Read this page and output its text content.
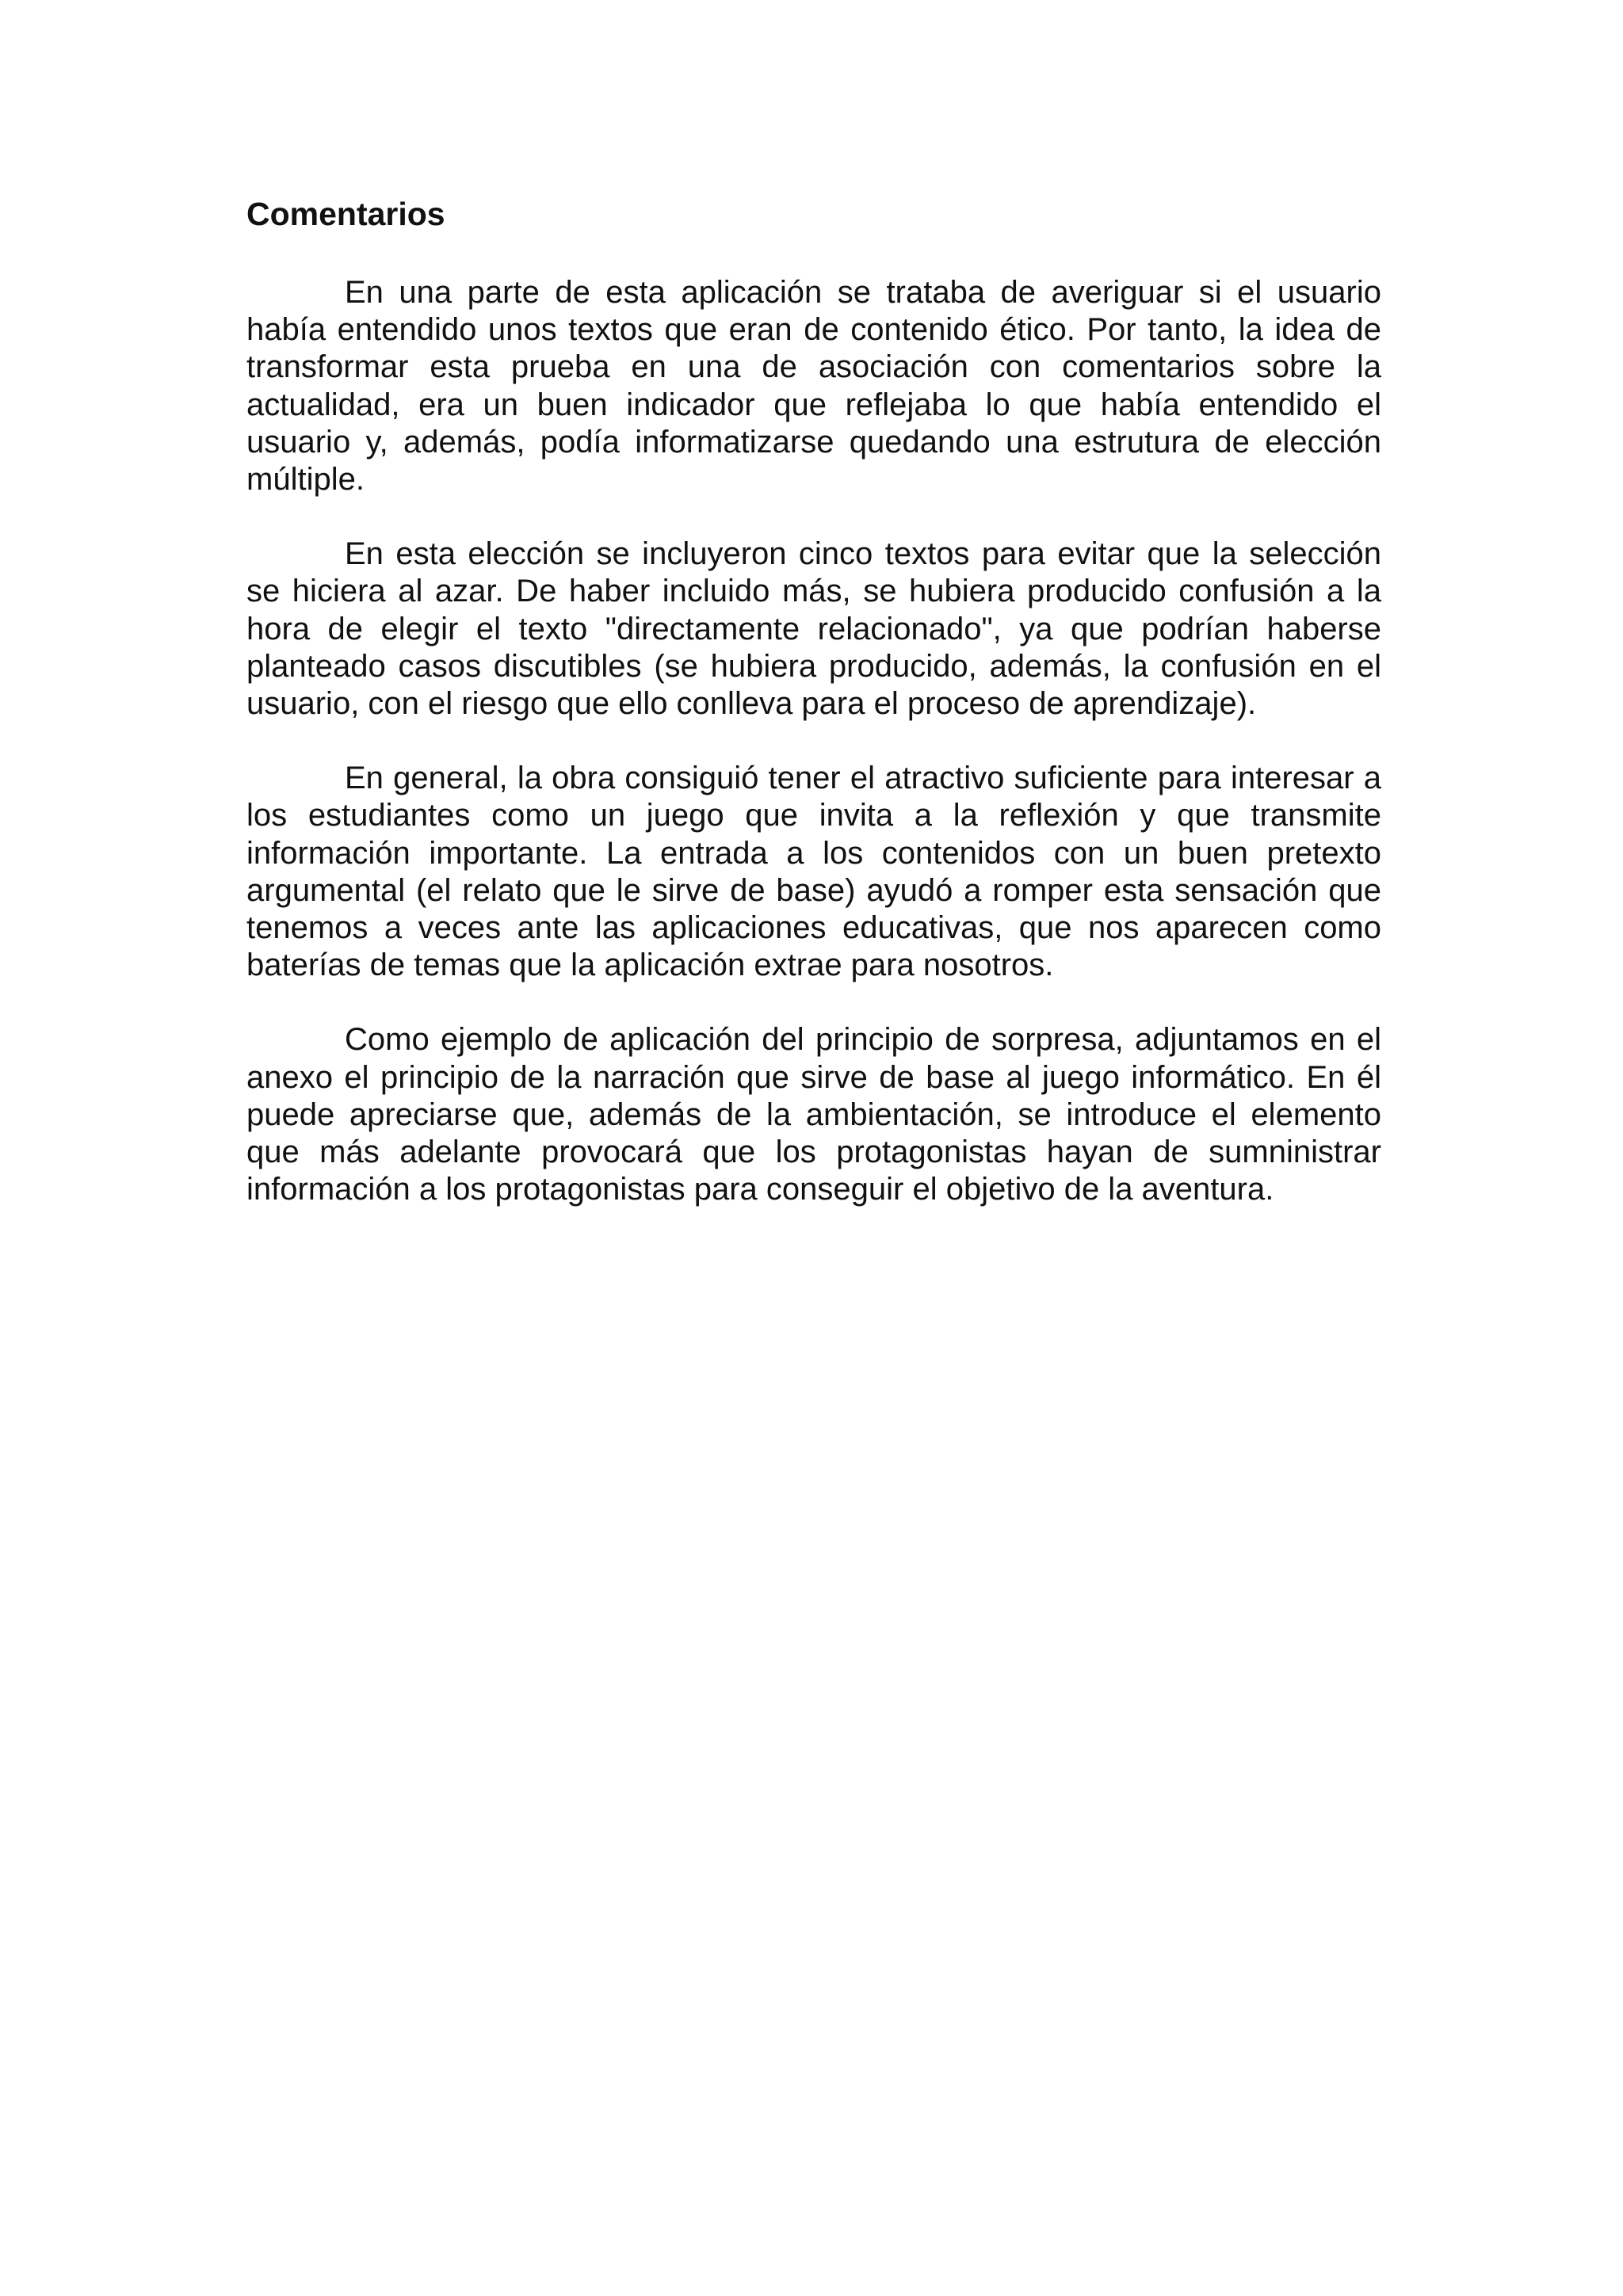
Comentarios

En una parte de esta aplicación se trataba de averiguar si el usuario había entendido unos textos que eran de contenido ético. Por tanto, la idea de transformar esta prueba en una de asociación con comentarios sobre la actualidad, era un buen indicador que reflejaba lo que había entendido el usuario y, además, podía informatizarse quedando una estrutura de elección múltiple.

En esta elección se incluyeron cinco textos para evitar que la selección se hiciera al azar. De haber incluido más, se hubiera producido confusión a la hora de elegir el texto "directamente relacionado", ya que podrían haberse planteado casos discutibles (se hubiera producido, además, la confusión en el usuario, con el riesgo que ello conlleva para el proceso de aprendizaje).

En general, la obra consiguió tener el atractivo suficiente para interesar a los estudiantes como un juego que invita a la reflexión y que transmite información importante. La entrada a los contenidos con un buen pretexto argumental (el relato que le sirve de base) ayudó a romper esta sensación que tenemos a veces ante las aplicaciones educativas, que nos aparecen como baterías de temas que la aplicación extrae para nosotros.

Como ejemplo de aplicación del principio de sorpresa, adjuntamos en el anexo el principio de la narración que sirve de base al juego informático. En él puede apreciarse que, además de la ambientación, se introduce el elemento que más adelante provocará que los protagonistas hayan de sumninistrar información a los protagonistas para conseguir el objetivo de la aventura.
